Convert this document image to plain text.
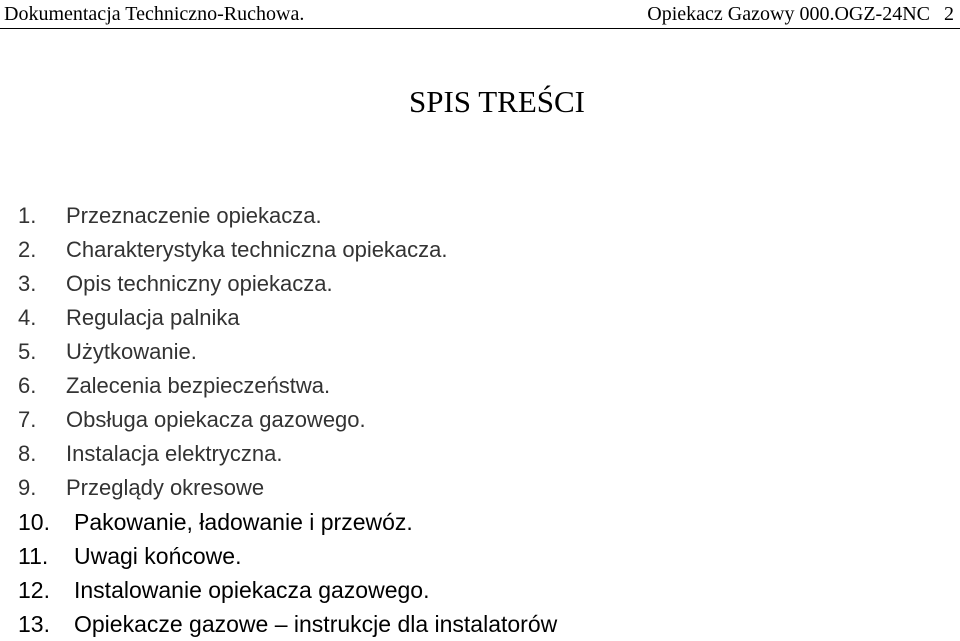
Dokumentacja Techniczno-Ruchowa.	Opiekacz Gazowy 000.OGZ-24NC 2
SPIS TREŚCI
1. Przeznaczenie opiekacza.
2. Charakterystyka techniczna opiekacza.
3. Opis techniczny opiekacza.
4. Regulacja palnika
5. Użytkowanie.
6. Zalecenia bezpieczeństwa.
7. Obsługa opiekacza gazowego.
8. Instalacja elektryczna.
9. Przeglądy okresowe
10. Pakowanie, ładowanie i przewóz.
11. Uwagi końcowe.
12. Instalowanie opiekacza gazowego.
13. Opiekacze gazowe – instrukcje dla instalatorów
